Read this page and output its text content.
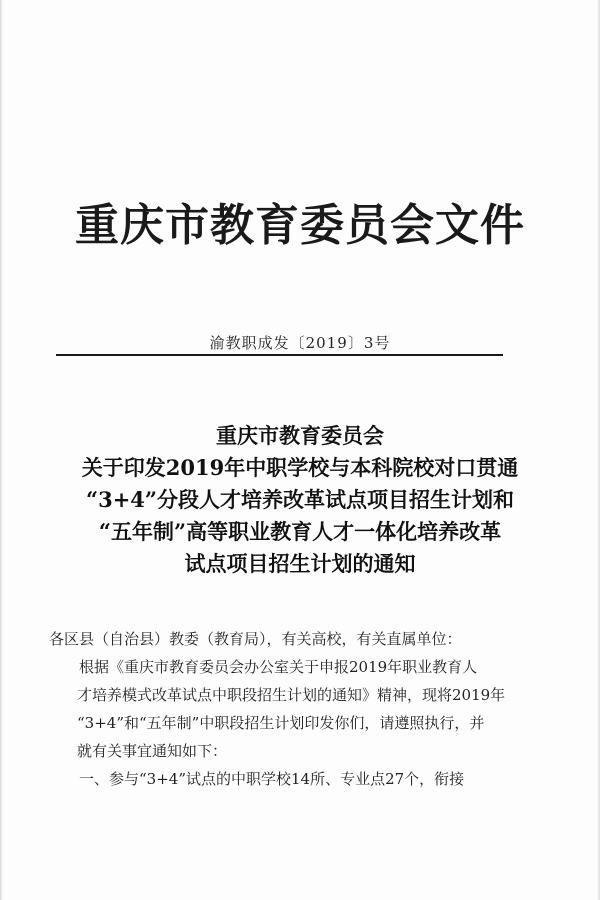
重庆市教育委员会文件
渝教职成发〔2019〕3号
重庆市教育委员会
关于印发2019年中职学校与本科院校对口贯通
“3+4”分段人才培养改革试点项目招生计划和
“五年制”高等职业教育人才一体化培养改革
试点项目招生计划的通知
各区县（自治县）教委（教育局），有关高校，有关直属单位：
根据《重庆市教育委员会办公室关于申报2019年职业教育人
才培养模式改革试点中职段招生计划的通知》精神，现将2019年
“3+4”和“五年制”中职段招生计划印发你们，请遵照执行，并
就有关事宜通知如下：
一、参与“3+4”试点的中职学校14所、专业点27个，衔接
